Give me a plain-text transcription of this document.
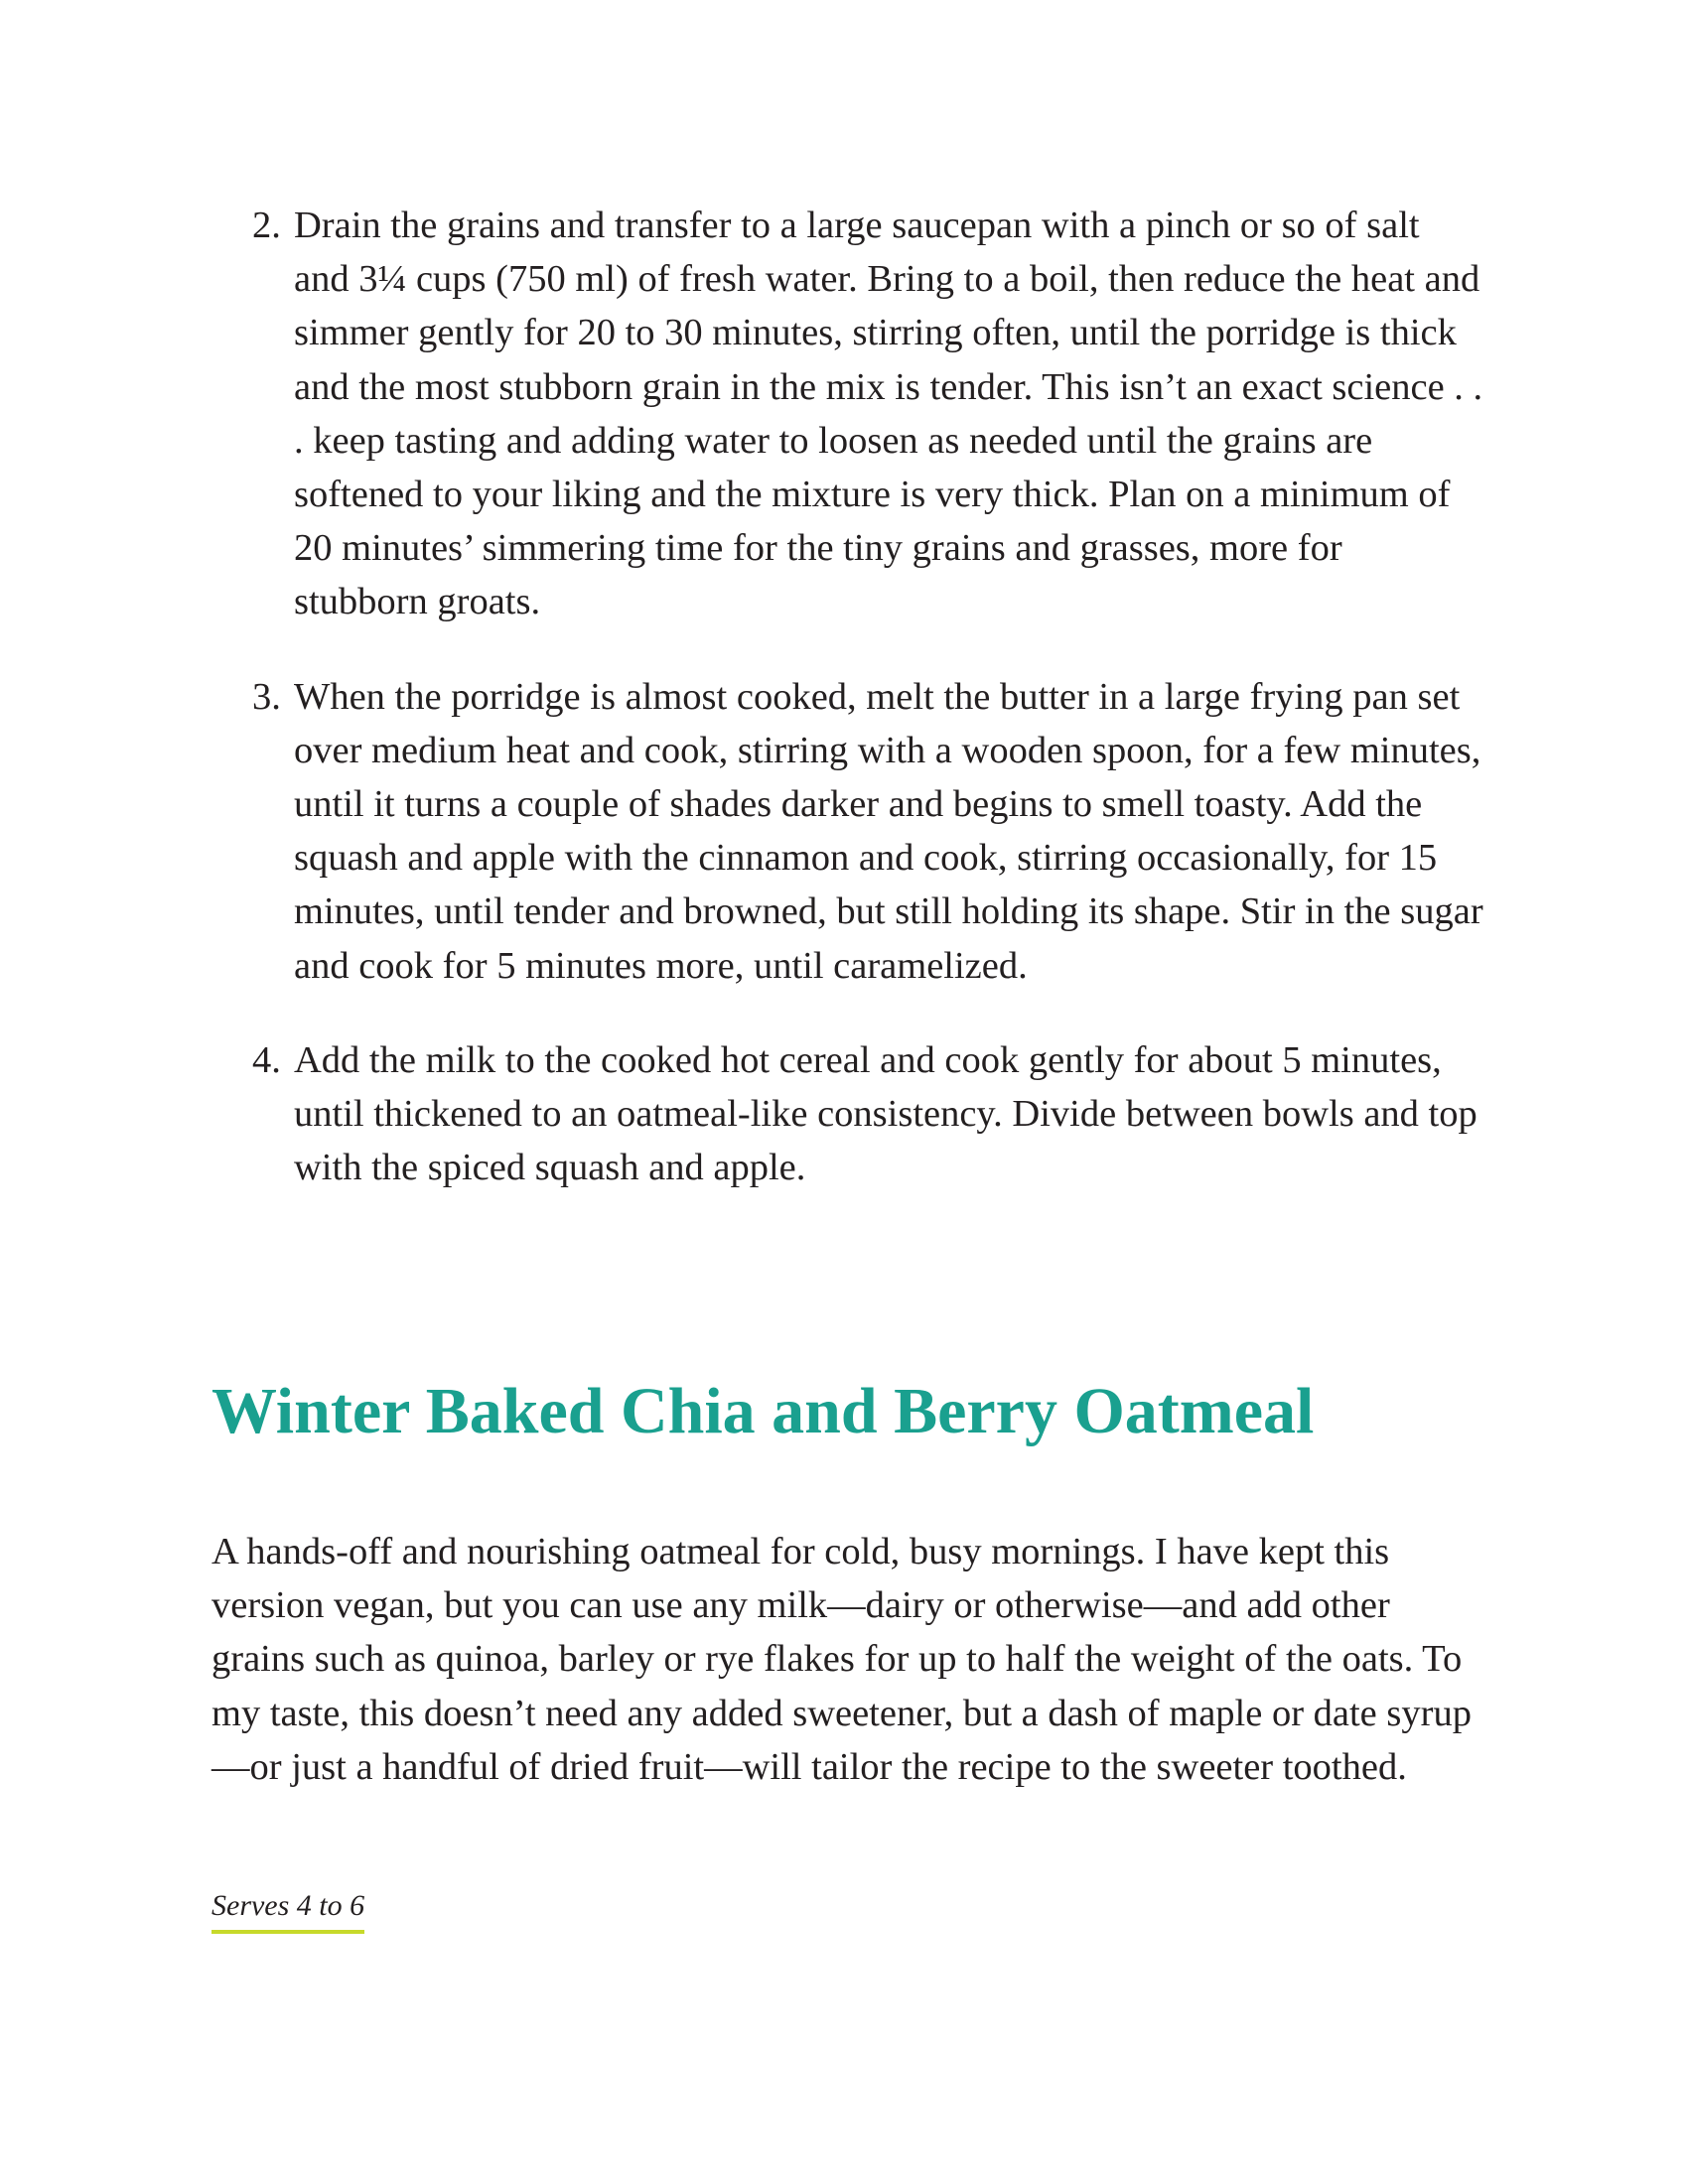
2. Drain the grains and transfer to a large saucepan with a pinch or so of salt and 3¼ cups (750 ml) of fresh water. Bring to a boil, then reduce the heat and simmer gently for 20 to 30 minutes, stirring often, until the porridge is thick and the most stubborn grain in the mix is tender. This isn’t an exact science . . . keep tasting and adding water to loosen as needed until the grains are softened to your liking and the mixture is very thick. Plan on a minimum of 20 minutes’ simmering time for the tiny grains and grasses, more for stubborn groats.
3. When the porridge is almost cooked, melt the butter in a large frying pan set over medium heat and cook, stirring with a wooden spoon, for a few minutes, until it turns a couple of shades darker and begins to smell toasty. Add the squash and apple with the cinnamon and cook, stirring occasionally, for 15 minutes, until tender and browned, but still holding its shape. Stir in the sugar and cook for 5 minutes more, until caramelized.
4. Add the milk to the cooked hot cereal and cook gently for about 5 minutes, until thickened to an oatmeal-like consistency. Divide between bowls and top with the spiced squash and apple.
Winter Baked Chia and Berry Oatmeal

A hands-off and nourishing oatmeal for cold, busy mornings. I have kept this version vegan, but you can use any milk—dairy or otherwise—and add other grains such as quinoa, barley or rye flakes for up to half the weight of the oats. To my taste, this doesn’t need any added sweetener, but a dash of maple or date syrup—or just a handful of dried fruit—will tailor the recipe to the sweeter toothed.

Serves 4 to 6
